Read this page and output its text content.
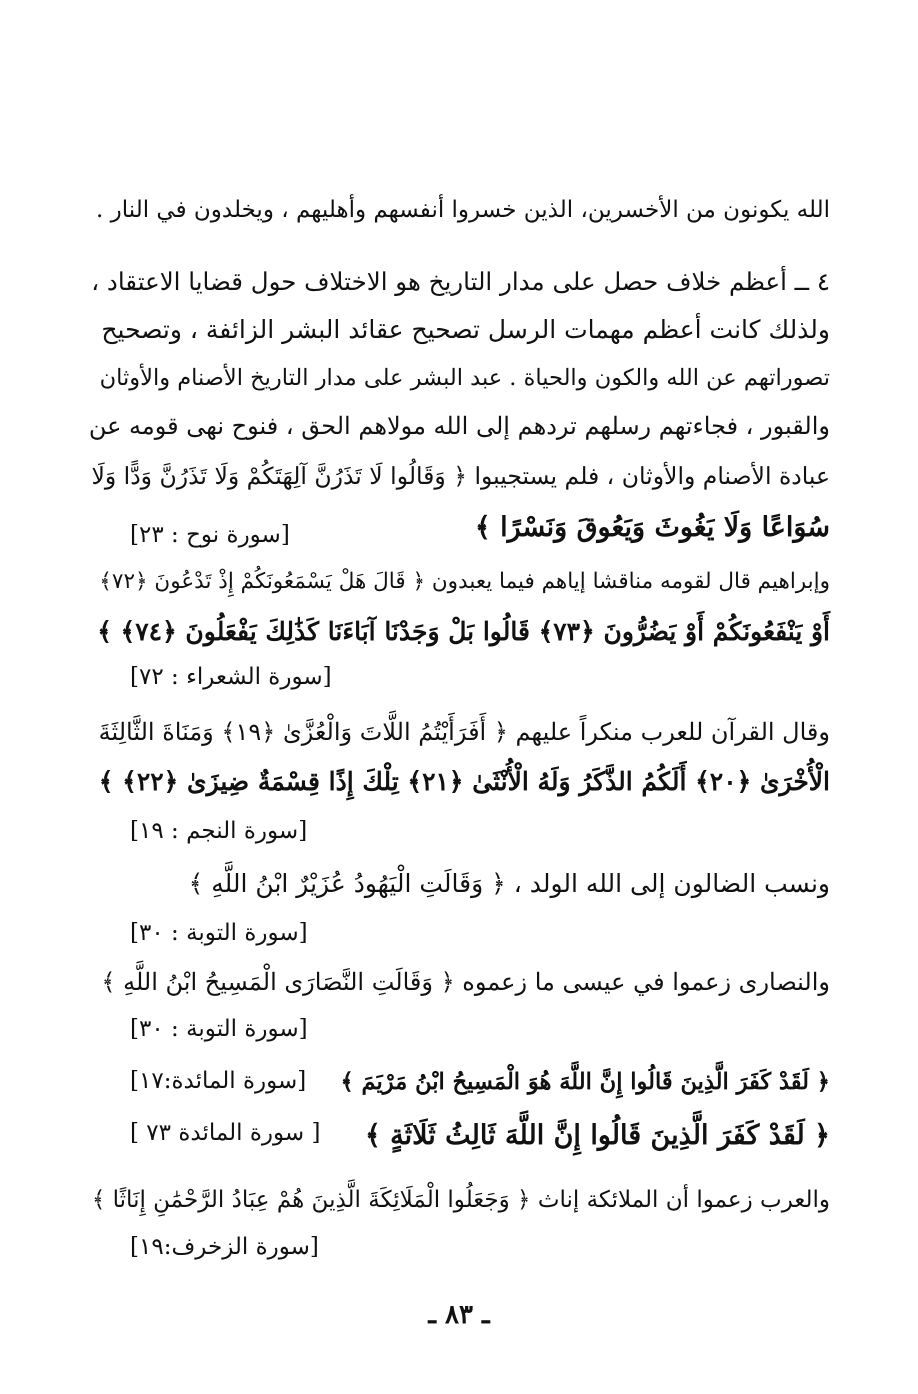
الله يكونون من الأخسرين، الذين خسروا أنفسهم وأهليهم ، ويخلدون في النار .
٤ ــ أعظم خلاف حصل على مدار التاريخ هو الاختلاف حول قضايا الاعتقاد ،
ولذلك كانت أعظم مهمات الرسل تصحيح عقائد البشر الزائفة ، وتصحيح
تصوراتهم عن الله والكون والحياة . عبد البشر على مدار التاريخ الأصنام والأوثان
والقبور ، فجاءتهم رسلهم تردهم إلى الله مولاهم الحق ، فنوح نهى قومه عن
عبادة الأصنام والأوثان ، فلم يستجيبوا ﴿ وَقَالُوا لَا تَذَرُنَّ آلِهَتَكُمْ وَلَا تَذَرُنَّ وَدًّا وَلَا
سُوَاعًا وَلَا يَغُوثَ وَيَعُوقَ وَنَسْرًا ﴾
[سورة نوح : ٢٣]
وإبراهيم قال لقومه مناقشا إياهم فيما يعبدون ﴿ قَالَ هَلْ يَسْمَعُونَكُمْ إِذْ تَدْعُونَ ﴿٧٢﴾
أَوْ يَنْفَعُونَكُمْ أَوْ يَضُرُّونَ ﴿٧٣﴾ قَالُوا بَلْ وَجَدْنَا آبَاءَنَا كَذَٰلِكَ يَفْعَلُونَ ﴿٧٤﴾ ﴾
[سورة الشعراء : ٧٢]
وقال القرآن للعرب منكراً عليهم ﴿ أَفَرَأَيْتُمُ اللَّاتَ وَالْعُزَّىٰ ﴿١٩﴾ وَمَنَاةَ الثَّالِثَةَ
الْأُخْرَىٰ ﴿٢٠﴾ أَلَكُمُ الذَّكَرُ وَلَهُ الْأُنْثَىٰ ﴿٢١﴾ تِلْكَ إِذًا قِسْمَةٌ ضِيزَىٰ ﴿٢٢﴾ ﴾
[سورة النجم : ١٩]
ونسب الضالون إلى الله الولد ، ﴿ وَقَالَتِ الْيَهُودُ عُزَيْرٌ ابْنُ اللَّهِ ﴾
[سورة التوبة : ٣٠]
والنصارى زعموا في عيسى ما زعموه ﴿ وَقَالَتِ النَّصَارَى الْمَسِيحُ ابْنُ اللَّهِ ﴾
[سورة التوبة : ٣٠]
﴿ لَقَدْ كَفَرَ الَّذِينَ قَالُوا إِنَّ اللَّهَ هُوَ الْمَسِيحُ ابْنُ مَرْيَمَ ﴾
[سورة المائدة:١٧]
﴿ لَقَدْ كَفَرَ الَّذِينَ قَالُوا إِنَّ اللَّهَ ثَالِثُ ثَلَاثَةٍ ﴾
[ سورة المائدة ٧٣ ]
والعرب زعموا أن الملائكة إناث ﴿ وَجَعَلُوا الْمَلَائِكَةَ الَّذِينَ هُمْ عِبَادُ الرَّحْمَٰنِ إِنَاثًا ﴾
[سورة الزخرف:١٩]
ـ ٨٣ ـ
